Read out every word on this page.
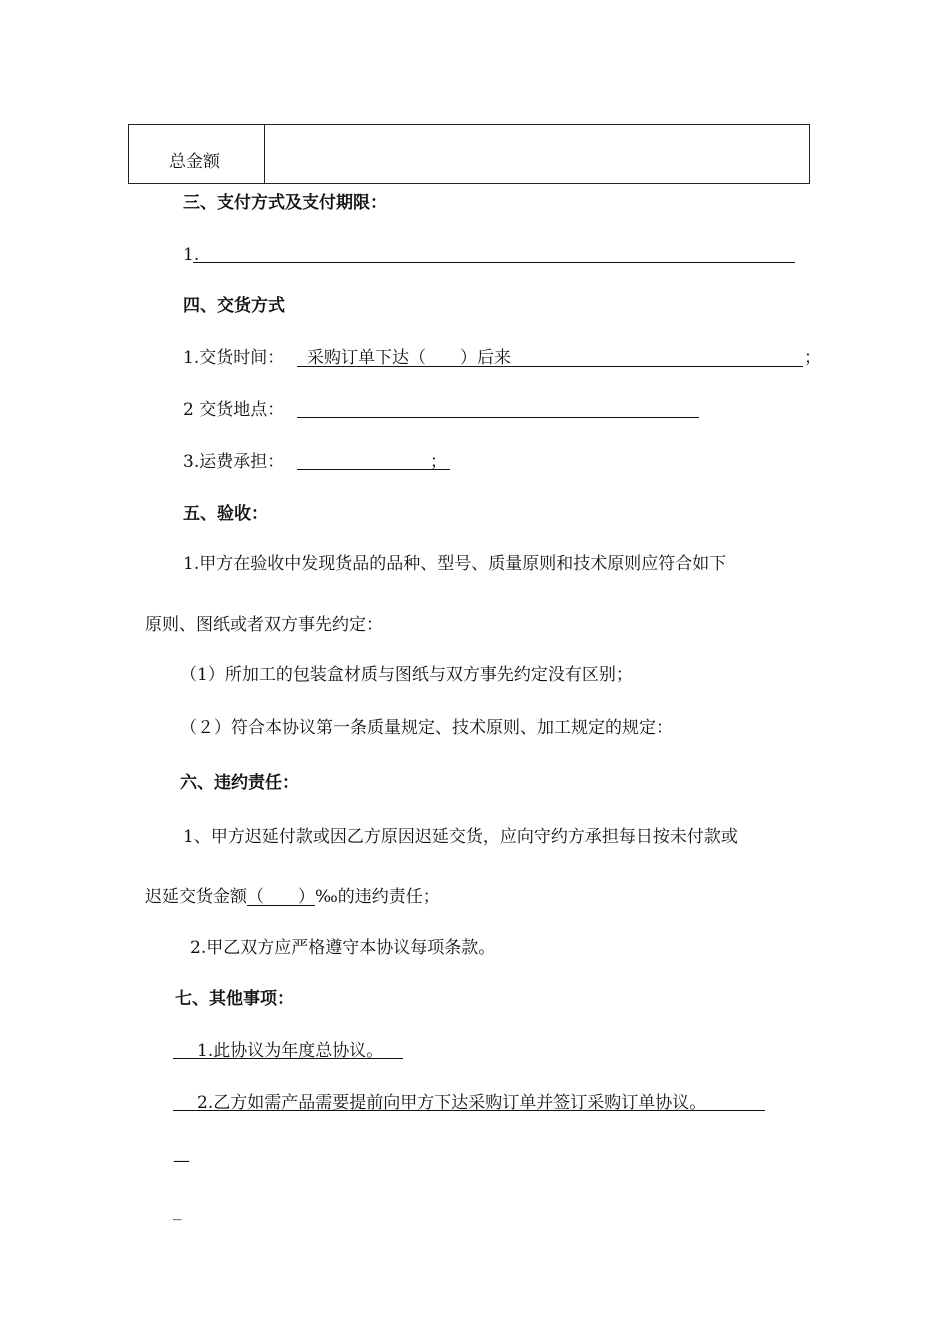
总金额
三、支付方式及支付期限：
1.
四、交货方式
1.交货时间： 采购订单下达（　　）后来	；
2 交货地点：
3.运费承担：	；
五、验收：
1.甲方在验收中发现货品的品种、型号、质量原则和技术原则应符合如下
原则、图纸或者双方事先约定：
（1）所加工的包装盒材质与图纸与双方事先约定没有区别；
（２）符合本协议第一条质量规定、技术原则、加工规定的规定：
六、违约责任：
1、甲方迟延付款或因乙方原因迟延交货，应向守约方承担每日按未付款或
迟延交货金额（　　）‰的违约责任；
2.甲乙双方应严格遵守本协议每项条款。
七、其他事项：
1.此协议为年度总协议。
2.乙方如需产品需要提前向甲方下达采购订单并签订采购订单协议。
—
_
